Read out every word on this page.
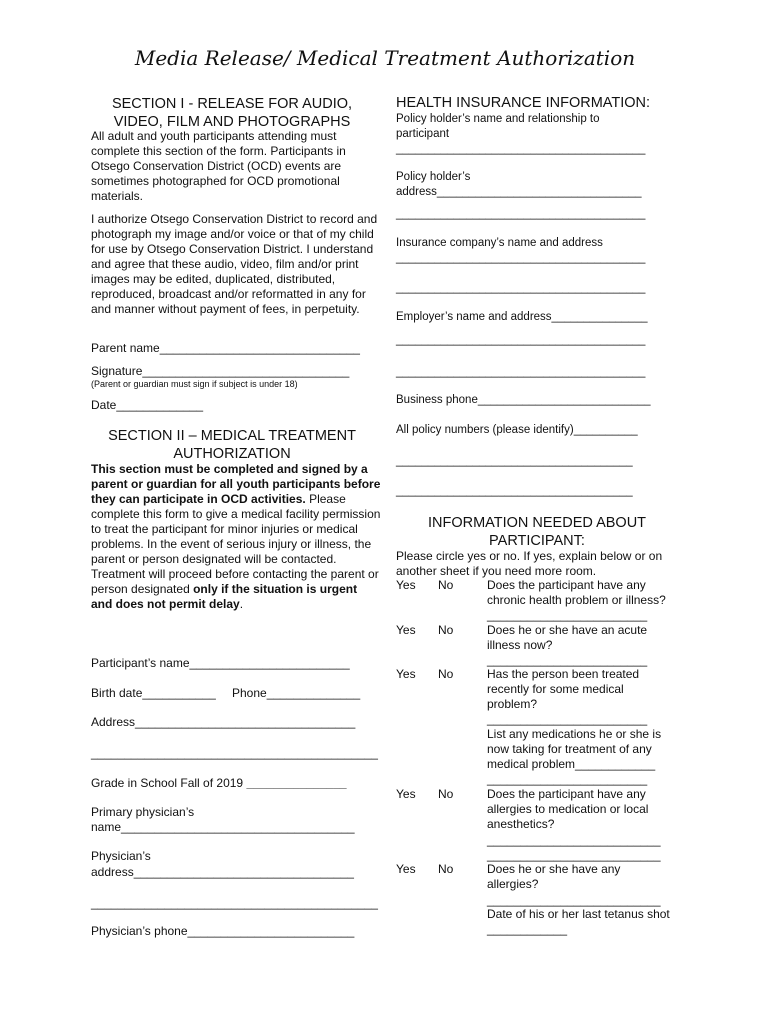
Media Release/ Medical Treatment Authorization
SECTION I - RELEASE FOR AUDIO, VIDEO, FILM AND PHOTOGRAPHS
All adult and youth participants attending must complete this section of the form. Participants in Otsego Conservation District (OCD) events are sometimes photographed for OCD promotional materials.
I authorize Otsego Conservation District to record and photograph my image and/or voice or that of my child for use by Otsego Conservation District. I understand and agree that these audio, video, film and/or print images may be edited, duplicated, distributed, reproduced, broadcast and/or reformatted in any for and manner without payment of fees, in perpetuity.
Parent name______________________________
Signature_______________________________
(Parent or guardian must sign if subject is under 18)
Date_____________
SECTION II – MEDICAL TREATMENT AUTHORIZATION
This section must be completed and signed by a parent or guardian for all youth participants before they can participate in OCD activities. Please complete this form to give a medical facility permission to treat the participant for minor injuries or medical problems. In the event of serious injury or illness, the parent or person designated will be contacted. Treatment will proceed before contacting the parent or person designated only if the situation is urgent and does not permit delay.
Participant’s name________________________
Birth date___________ Phone______________
Address_________________________________
___________________________________________
Grade in School Fall of 2019 _______________
Primary physician’s
name___________________________________
Physician’s
address_________________________________
___________________________________________
Physician’s phone_________________________
HEALTH INSURANCE INFORMATION:
Policy holder’s name and relationship to participant
_______________________________________
Policy holder’s
address________________________________
_______________________________________
Insurance company’s name and address
_______________________________________
_______________________________________
Employer’s name and address_______________
_______________________________________
_______________________________________
Business phone___________________________
All policy numbers (please identify)__________
_____________________________________
_____________________________________
INFORMATION NEEDED ABOUT PARTICIPANT:
Please circle yes or no. If yes, explain below or on another sheet if you need more room.
Yes No	Does the participant have any chronic health problem or illness?
________________________
Yes No	Does he or she have an acute illness now?
________________________
Yes No	Has the person been treated recently for some medical problem?
________________________
List any medications he or she is now taking for treatment of any medical problem____________
________________________
Yes No	Does the participant have any allergies to medication or local anesthetics?
__________________________
__________________________
Yes No	Does he or she have any allergies?
__________________________
Date of his or her last tetanus shot
____________
